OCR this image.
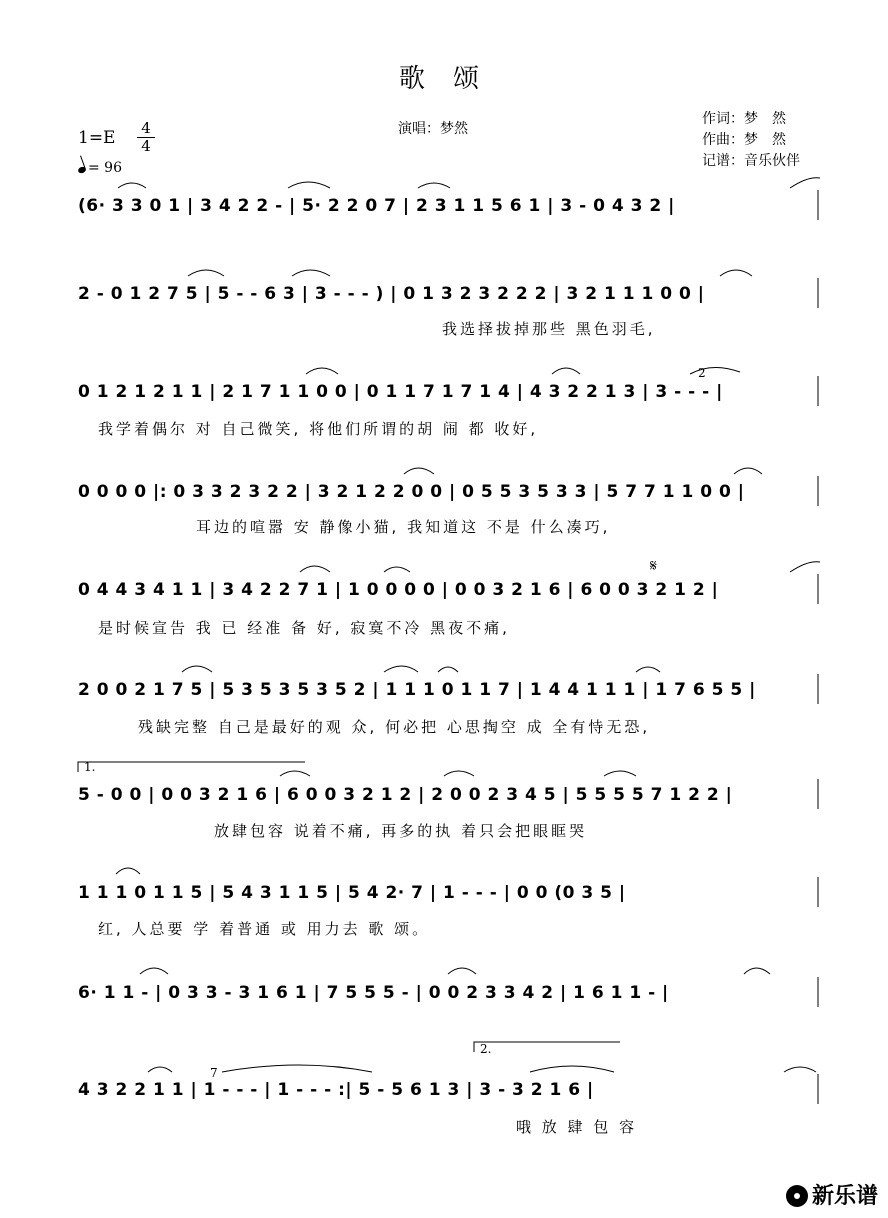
歌 颂
演唱：梦然
作词：梦　然
作曲：梦　然
记谱：音乐伙伴
1=E 4
4
= 96
(6· 3 3 0 1 | 3 4 2 2 - | 5· 2 2 0 7 | 2 3 1 1 5 6 1 | 3 - 0 4 3 2 |
2 - 0 1 2 7 5 | 5 - - 6 3 | 3 - - - ) | 0 1 3 2 3 2 2 2 | 3 2 1 1 1 0 0 |
我选择拔掉那些 黑色羽毛,
0 1 2 1 2 1 1 | 2 1 7 1 1 0 0 | 0 1 1 7 1 7 1 4 | 4 3 2 2 1 3 | 3 - - - |
我学着偶尔 对 自己微笑, 将他们所谓的胡 闹 都 收好,
0 0 0 0 |: 0 3 3 2 3 2 2 | 3 2 1 2 2 0 0 | 0 5 5 3 5 3 3 | 5 7 7 1 1 0 0 |
耳边的喧嚣 安 静像小猫, 我知道这 不是 什么凑巧,
0 4 4 3 4 1 1 | 3 4 2 2 7 1 | 1 0 0 0 0 | 0 0 3 2 1 6 | 6 0 0 3 2 1 2 |
是时候宣告 我 已 经准 备 好, 寂寞不冷 黑夜不痛,
2 0 0 2 1 7 5 | 5 3 5 3 5 3 5 2 | 1 1 1 0 1 1 7 | 1 4 4 1 1 1 | 1 7 6 5 5 |
残缺完整 自己是最好的观 众, 何必把 心思掏空 成 全有恃无恐,
5 - 0 0 | 0 0 3 2 1 6 | 6 0 0 3 2 1 2 | 2 0 0 2 3 4 5 | 5 5 5 5 7 1 2 2 |
放肆包容 说着不痛, 再多的执 着只会把眼眶哭
1 1 1 0 1 1 5 | 5 4 3 1 1 5 | 5 4 2· 7 | 1 - - - | 0 0 (0 3 5 |
红, 人总要 学 着普通 或 用力去 歌 颂。
6· 1 1 - | 0 3 3 - 3 1 6 1 | 7 5 5 5 - | 0 0 2 3 3 4 2 | 1 6 1 1 - |
4 3 2 2 1 1 | 1 - - - | 1 - - - :| 5 - 5 6 1 3 | 3 - 3 2 1 6 |
哦 放 肆 包 容
1.
2.
𝄋
7
2
新乐谱
